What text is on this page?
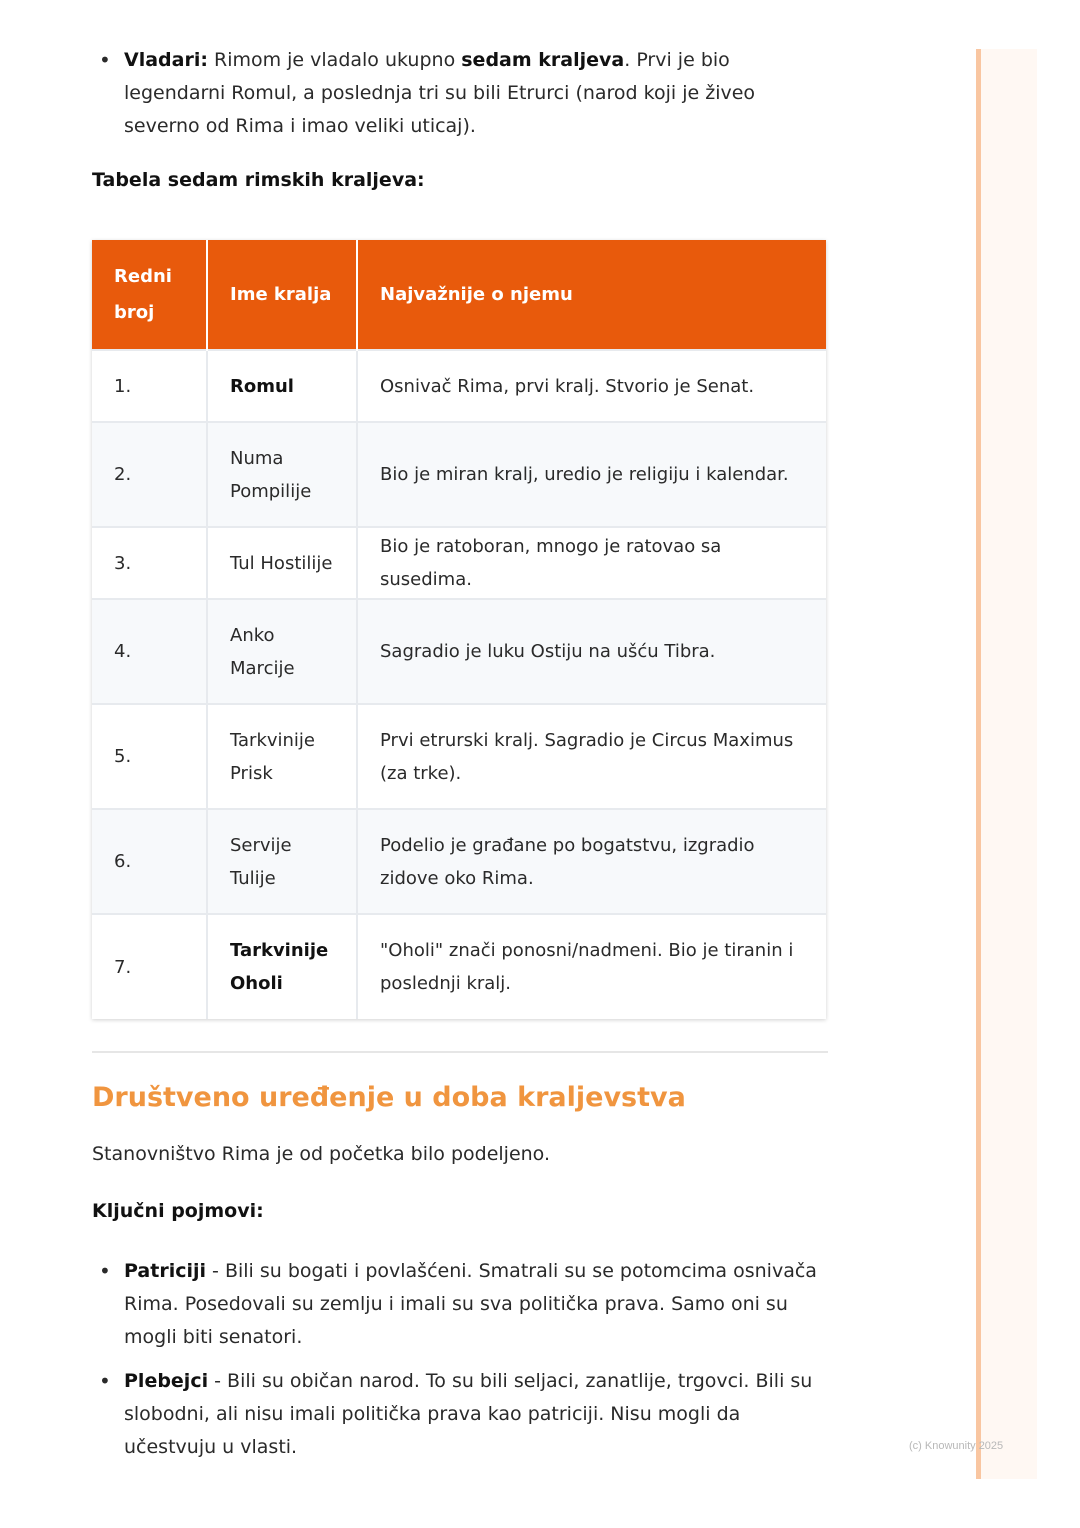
• Vladari: Rimom je vladalo ukupno sedam kraljeva. Prvi je bio legendarni Romul, a poslednja tri su bili Etrurci (narod koji je živeo severno od Rima i imao veliki uticaj).
Tabela sedam rimskih kraljeva:
Redni broj	Ime kralja	Najvažnije o njemu
1.	Romul	Osnivač Rima, prvi kralj. Stvorio je Senat.
2.	Numa Pompilije	Bio je miran kralj, uredio je religiju i kalendar.
3.	Tul Hostilije	Bio je ratoboran, mnogo je ratovao sa susedima.
4.	Anko Marcije	Sagradio je luku Ostiju na ušću Tibra.
5.	Tarkvinije Prisk	Prvi etrurski kralj. Sagradio je Circus Maximus (za trke).
6.	Servije Tulije	Podelio je građane po bogatstvu, izgradio zidove oko Rima.
7.	Tarkvinije Oholi	"Oholi" znači ponosni/nadmeni. Bio je tiranin i poslednji kralj.
Društveno uređenje u doba kraljevstva
Stanovništvo Rima je od početka bilo podeljeno.
Ključni pojmovi:
• Patriciji - Bili su bogati i povlašćeni. Smatrali su se potomcima osnivača Rima. Posedovali su zemlju i imali su sva politička prava. Samo oni su mogli biti senatori.
• Plebejci - Bili su običan narod. To su bili seljaci, zanatlije, trgovci. Bili su slobodni, ali nisu imali politička prava kao patriciji. Nisu mogli da učestvuju u vlasti.	(c) Knowunity 2025
